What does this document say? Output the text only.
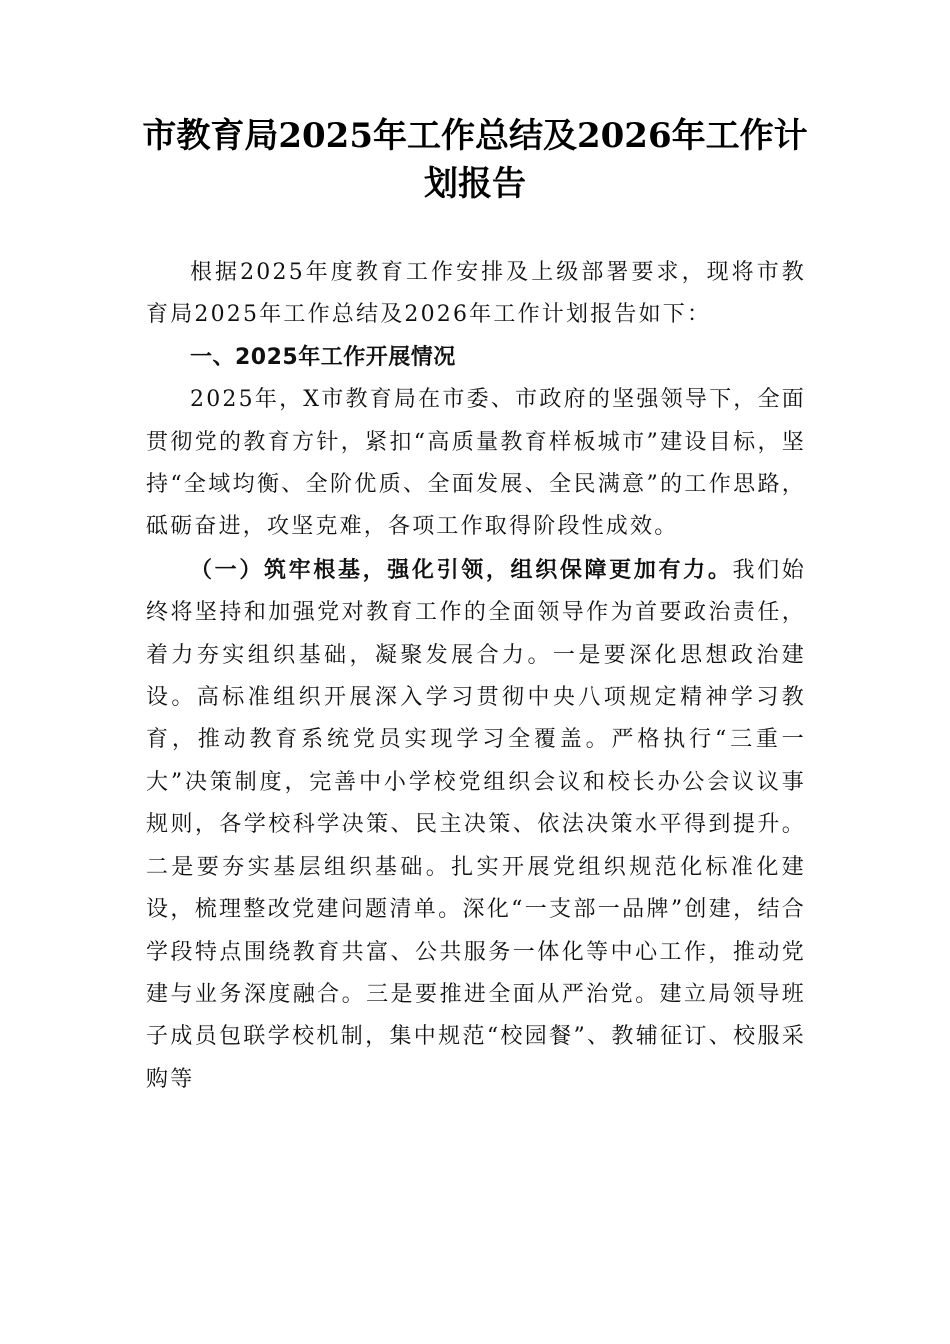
市教育局2025年工作总结及2026年工作计划报告

根据2025年度教育工作安排及上级部署要求，现将市教育局2025年工作总结及2026年工作计划报告如下：

一、2025年工作开展情况

2025年，X市教育局在市委、市政府的坚强领导下，全面贯彻党的教育方针，紧扣“高质量教育样板城市”建设目标，坚持“全域均衡、全阶优质、全面发展、全民满意”的工作思路，砥砺奋进，攻坚克难，各项工作取得阶段性成效。

（一）筑牢根基，强化引领，组织保障更加有力。我们始终将坚持和加强党对教育工作的全面领导作为首要政治责任，着力夯实组织基础，凝聚发展合力。一是要深化思想政治建设。高标准组织开展深入学习贯彻中央八项规定精神学习教育，推动教育系统党员实现学习全覆盖。严格执行“三重一大”决策制度，完善中小学校党组织会议和校长办公会议议事规则，各学校科学决策、民主决策、依法决策水平得到提升。二是要夯实基层组织基础。扎实开展党组织规范化标准化建设，梳理整改党建问题清单。深化“一支部一品牌”创建，结合学段特点围绕教育共富、公共服务一体化等中心工作，推动党建与业务深度融合。三是要推进全面从严治党。建立局领导班子成员包联学校机制，集中规范“校园餐”、教辅征订、校服采购等
